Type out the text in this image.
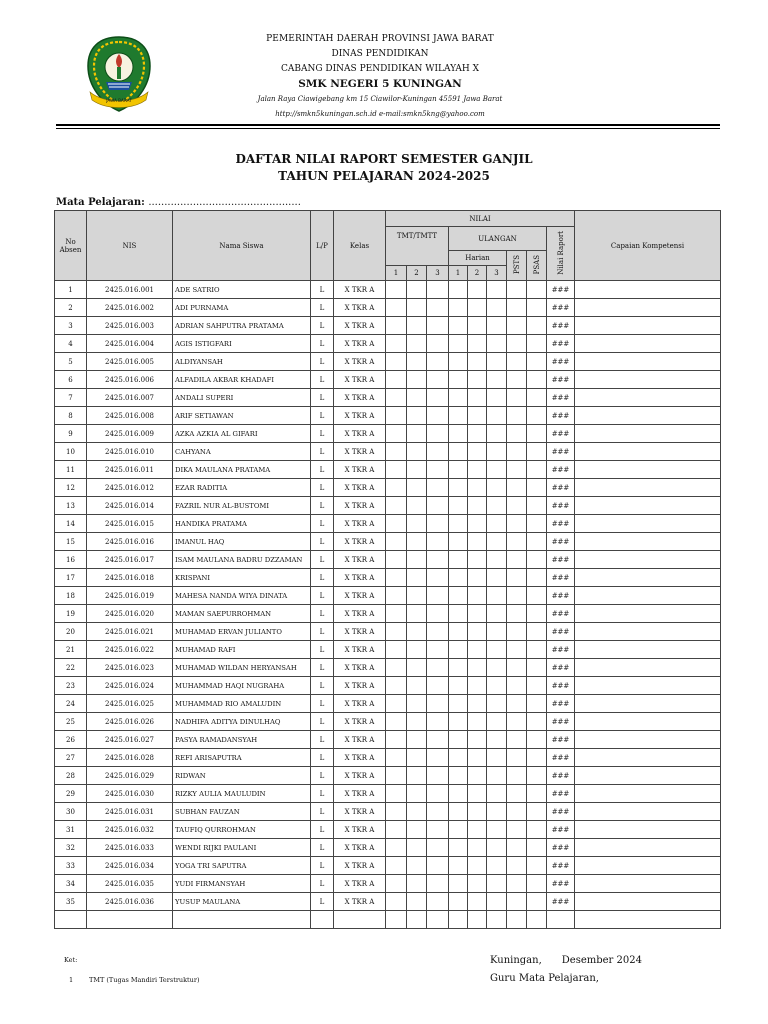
JAWA BARAT
PEMERINTAH DAERAH PROVINSI JAWA BARAT
DINAS PENDIDIKAN
CABANG DINAS PENDIDIKAN WILAYAH X
SMK NEGERI 5 KUNINGAN
Jalan Raya Ciawigebang km 15 Ciawilor-Kuningan 45591 Jawa Barat
http://smkn5kuningan.sch.id e-mail:smkn5kng@yahoo.com
DAFTAR NILAI RAPORT SEMESTER GANJIL
TAHUN PELAJARAN 2024-2025
Mata Pelajaran: ................................................
No
Absen	NIS	Nama Siswa	L/P	Kelas	NILAI									Capaian Kompetensi
					TMT/TMTT			ULANGAN					Nilai Raport	
								Harian			PSTS	PSAS		
					1	2	3	1	2	3				
1	2425.016.001	ADE SATRIO	L	X TKR A									###	
2	2425.016.002	ADI PURNAMA	L	X TKR A									###	
3	2425.016.003	ADRIAN SAHPUTRA PRATAMA	L	X TKR A									###	
4	2425.016.004	AGIS ISTIGFARI	L	X TKR A									###	
5	2425.016.005	ALDIYANSAH	L	X TKR A									###	
6	2425.016.006	ALFADILA AKBAR KHADAFI	L	X TKR A									###	
7	2425.016.007	ANDALI SUPERI	L	X TKR A									###	
8	2425.016.008	ARIF SETIAWAN	L	X TKR A									###	
9	2425.016.009	AZKA AZKIA AL GIFARI	L	X TKR A									###	
10	2425.016.010	CAHYANA	L	X TKR A									###	
11	2425.016.011	DIKA MAULANA PRATAMA	L	X TKR A									###	
12	2425.016.012	EZAR RADITIA	L	X TKR A									###	
13	2425.016.014	FAZRIL NUR AL-BUSTOMI	L	X TKR A									###	
14	2425.016.015	HANDIKA PRATAMA	L	X TKR A									###	
15	2425.016.016	IMANUL HAQ	L	X TKR A									###	
16	2425.016.017	ISAM MAULANA BADRU DZZAMAN	L	X TKR A									###	
17	2425.016.018	KRISPANI	L	X TKR A									###	
18	2425.016.019	MAHESA NANDA WIYA DINATA	L	X TKR A									###	
19	2425.016.020	MAMAN SAEPURROHMAN	L	X TKR A									###	
20	2425.016.021	MUHAMAD ERVAN JULIANTO	L	X TKR A									###	
21	2425.016.022	MUHAMAD RAFI	L	X TKR A									###	
22	2425.016.023	MUHAMAD WILDAN HERYANSAH	L	X TKR A									###	
23	2425.016.024	MUHAMMAD HAQI NUGRAHA	L	X TKR A									###	
24	2425.016.025	MUHAMMAD RIO AMALUDIN	L	X TKR A									###	
25	2425.016.026	NADHIFA ADITYA DINULHAQ	L	X TKR A									###	
26	2425.016.027	PASYA RAMADANSYAH	L	X TKR A									###	
27	2425.016.028	REFI ARISAPUTRA	L	X TKR A									###	
28	2425.016.029	RIDWAN	L	X TKR A									###	
29	2425.016.030	RIZKY AULIA MAULUDIN	L	X TKR A									###	
30	2425.016.031	SUBHAN FAUZAN	L	X TKR A									###	
31	2425.016.032	TAUFIQ QURROHMAN	L	X TKR A									###	
32	2425.016.033	WENDI RIJKI PAULANI	L	X TKR A									###	
33	2425.016.034	YOGA TRI SAPUTRA	L	X TKR A									###	
34	2425.016.035	YUDI FIRMANSYAH	L	X TKR A									###	
35	2425.016.036	YUSUP MAULANA	L	X TKR A									###	

Ket:
1 TMT (Tugas Mandiri Terstruktur)
Kuningan, Desember 2024
Guru Mata Pelajaran,
